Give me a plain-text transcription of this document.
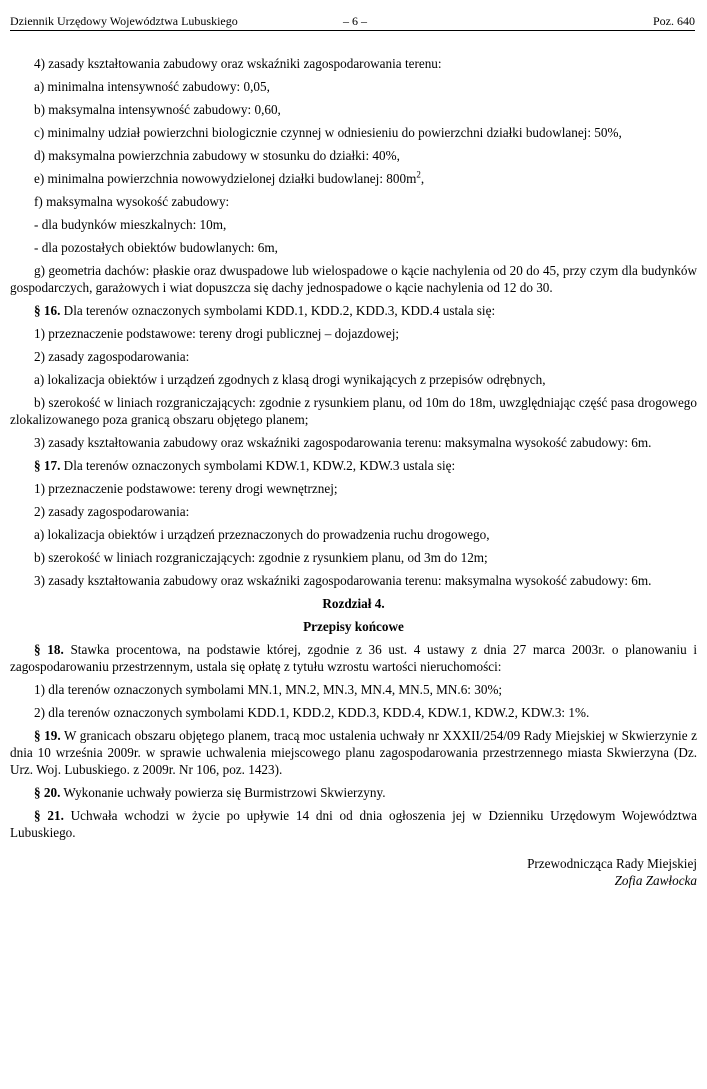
Dziennik Urzędowy Województwa Lubuskiego	– 6 –	Poz. 640

4) zasady kształtowania zabudowy oraz wskaźniki zagospodarowania terenu:

a) minimalna intensywność zabudowy: 0,05,

b) maksymalna intensywność zabudowy: 0,60,

c) minimalny udział powierzchni biologicznie czynnej w odniesieniu do powierzchni działki budowlanej: 50%,

d) maksymalna powierzchnia zabudowy w stosunku do działki: 40%,

e) minimalna powierzchnia nowowydzielonej działki budowlanej: $800m^2$,

f) maksymalna wysokość zabudowy:

- dla budynków mieszkalnych: 10m,

- dla pozostałych obiektów budowlanych: 6m,

g) geometria dachów: płaskie oraz dwuspadowe lub wielospadowe o kącie nachylenia od 20 do 45, przy czym dla budynków gospodarczych, garażowych i wiat dopuszcza się dachy jednospadowe o kącie nachylenia od 12 do 30.

§ 16. Dla terenów oznaczonych symbolami KDD.1, KDD.2, KDD.3, KDD.4 ustala się:

1) przeznaczenie podstawowe: tereny drogi publicznej – dojazdowej;

2) zasady zagospodarowania:

a) lokalizacja obiektów i urządzeń zgodnych z klasą drogi wynikających z przepisów odrębnych,

b) szerokość w liniach rozgraniczających: zgodnie z rysunkiem planu, od 10m do 18m, uwzględniając część pasa drogowego zlokalizowanego poza granicą obszaru objętego planem;

3) zasady kształtowania zabudowy oraz wskaźniki zagospodarowania terenu: maksymalna wysokość zabudowy: 6m.

§ 17. Dla terenów oznaczonych symbolami KDW.1, KDW.2, KDW.3 ustala się:

1) przeznaczenie podstawowe: tereny drogi wewnętrznej;

2) zasady zagospodarowania:

a) lokalizacja obiektów i urządzeń przeznaczonych do prowadzenia ruchu drogowego,

b) szerokość w liniach rozgraniczających: zgodnie z rysunkiem planu, od 3m do 12m;

3) zasady kształtowania zabudowy oraz wskaźniki zagospodarowania terenu: maksymalna wysokość zabudowy: 6m.

Rozdział 4.

Przepisy końcowe

§ 18. Stawka procentowa, na podstawie której, zgodnie z 36 ust. 4 ustawy z dnia 27 marca 2003r. o planowaniu i zagospodarowaniu przestrzennym, ustala się opłatę z tytułu wzrostu wartości nieruchomości:

1) dla terenów oznaczonych symbolami MN.1, MN.2, MN.3, MN.4, MN.5, MN.6: 30%;

2) dla terenów oznaczonych symbolami KDD.1, KDD.2, KDD.3, KDD.4, KDW.1, KDW.2, KDW.3: 1%.

§ 19. W granicach obszaru objętego planem, tracą moc ustalenia uchwały nr XXXII/254/09 Rady Miejskiej w Skwierzynie z dnia 10 września 2009r. w sprawie uchwalenia miejscowego planu zagospodarowania przestrzennego miasta Skwierzyna (Dz. Urz. Woj. Lubuskiego. z 2009r. Nr 106, poz. 1423).

§ 20. Wykonanie uchwały powierza się Burmistrzowi Skwierzyny.

§ 21. Uchwała wchodzi w życie po upływie 14 dni od dnia ogłoszenia jej w Dzienniku Urzędowym Województwa Lubuskiego.

Przewodnicząca Rady Miejskiej
Zofia Zawłocka
